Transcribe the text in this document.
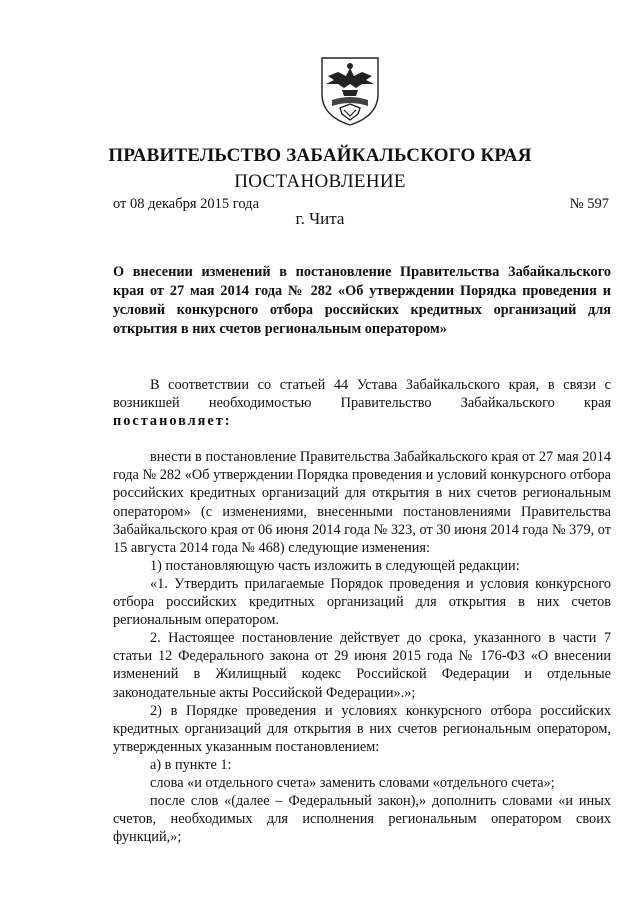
ПРАВИТЕЛЬСТВО ЗАБАЙКАЛЬСКОГО КРАЯ
ПОСТАНОВЛЕНИЕ
от 08 декабря 2015 года	№ 597
г. Чита
О внесении изменений в постановление Правительства Забайкальского края от 27 мая 2014 года № 282 «Об утверждении Порядка проведения и условий конкурсного отбора российских кредитных организаций для открытия в них счетов региональным оператором»

В соответствии со статьей 44 Устава Забайкальского края, в связи с возникшей необходимостью Правительство Забайкальского края постановляет:

внести в постановление Правительства Забайкальского края от 27 мая 2014 года № 282 «Об утверждении Порядка проведения и условий конкурсного отбора российских кредитных организаций для открытия в них счетов региональным оператором» (с изменениями, внесенными постановлениями Правительства Забайкальского края от 06 июня 2014 года № 323, от 30 июня 2014 года № 379, от 15 августа 2014 года № 468) следующие изменения:

1) постановляющую часть изложить в следующей редакции:

«1. Утвердить прилагаемые Порядок проведения и условия конкурсного отбора российских кредитных организаций для открытия в них счетов региональным оператором.

2. Настоящее постановление действует до срока, указанного в части 7 статьи 12 Федерального закона от 29 июня 2015 года № 176-ФЗ «О внесении изменений в Жилищный кодекс Российской Федерации и отдельные законодательные акты Российской Федерации».»;

2) в Порядке проведения и условиях конкурсного отбора российских кредитных организаций для открытия в них счетов региональным оператором, утвержденных указанным постановлением:

а) в пункте 1:

слова «и отдельного счета» заменить словами «отдельного счета»;

после слов «(далее – Федеральный закон),» дополнить словами «и иных счетов, необходимых для исполнения региональным оператором своих функций,»;
